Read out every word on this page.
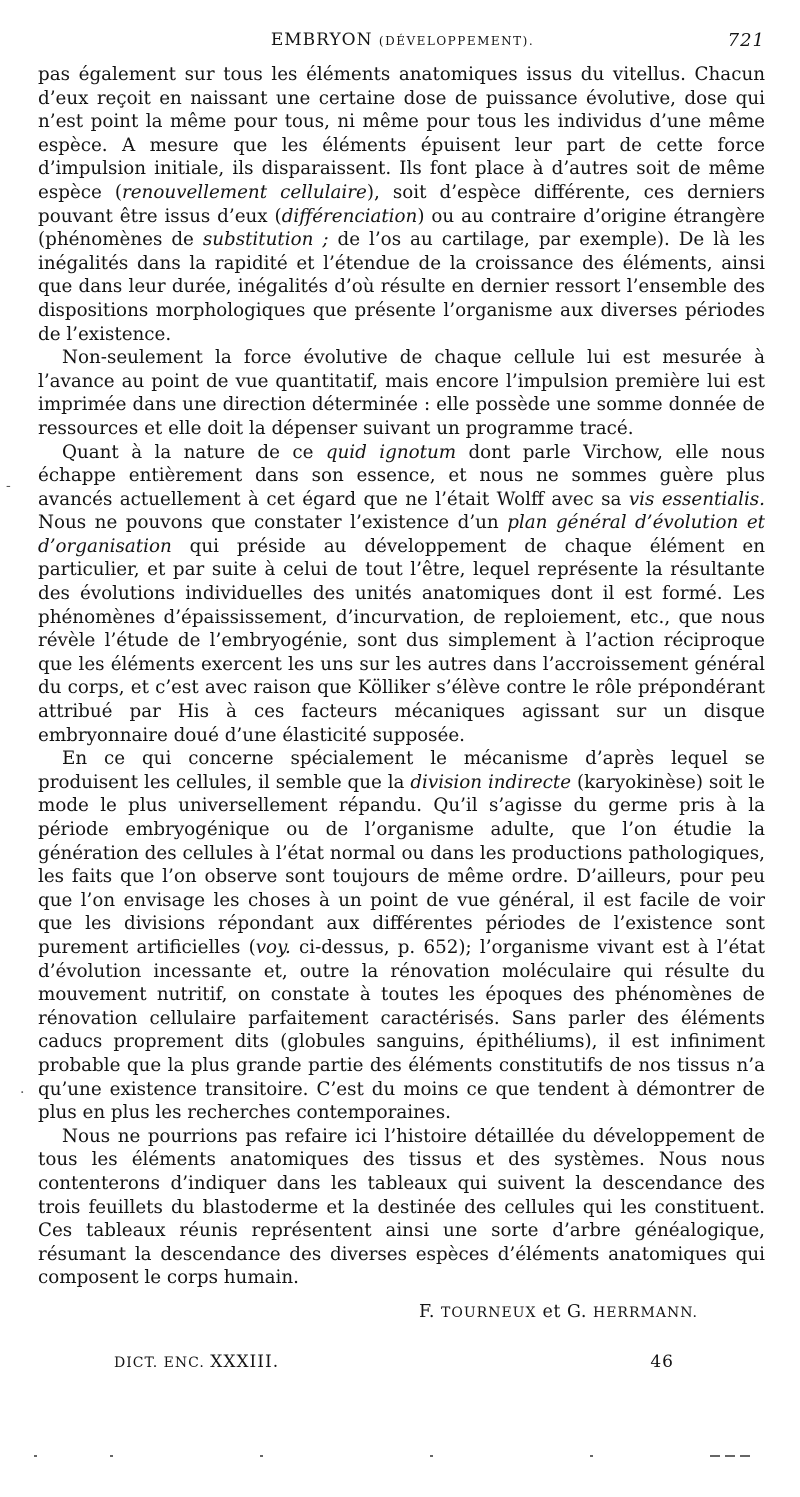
EMBRYON (DÉVELOPPEMENT).	721

pas également sur tous les éléments anatomiques issus du vitellus. Chacun d’eux reçoit en naissant une certaine dose de puissance évolutive, dose qui n’est point la même pour tous, ni même pour tous les individus d’une même espèce. A mesure que les éléments épuisent leur part de cette force d’impulsion initiale, ils disparaissent. Ils font place à d’autres soit de même espèce (renouvellement cellulaire), soit d’espèce différente, ces derniers pouvant être issus d’eux (différenciation) ou au contraire d’origine étrangère (phénomènes de substitution ; de l’os au cartilage, par exemple). De là les inégalités dans la rapidité et l’étendue de la croissance des éléments, ainsi que dans leur durée, inégalités d’où résulte en dernier ressort l’ensemble des dispositions morphologiques que présente l’organisme aux diverses périodes de l’existence.

Non-seulement la force évolutive de chaque cellule lui est mesurée à l’avance au point de vue quantitatif, mais encore l’impulsion première lui est imprimée dans une direction déterminée : elle possède une somme donnée de ressources et elle doit la dépenser suivant un programme tracé.

Quant à la nature de ce quid ignotum dont parle Virchow, elle nous échappe entièrement dans son essence, et nous ne sommes guère plus avancés actuellement à cet égard que ne l’était Wolff avec sa vis essentialis. Nous ne pouvons que constater l’existence d’un plan général d’évolution et d’organisation qui préside au développement de chaque élément en particulier, et par suite à celui de tout l’être, lequel représente la résultante des évolutions individuelles des unités anatomiques dont il est formé. Les phénomènes d’épaississement, d’incurvation, de reploiement, etc., que nous révèle l’étude de l’embryogénie, sont dus simplement à l’action réciproque que les éléments exercent les uns sur les autres dans l’accroissement général du corps, et c’est avec raison que Kölliker s’élève contre le rôle prépondérant attribué par His à ces facteurs mécaniques agissant sur un disque embryonnaire doué d’une élasticité supposée.

En ce qui concerne spécialement le mécanisme d’après lequel se produisent les cellules, il semble que la division indirecte (karyokinèse) soit le mode le plus universellement répandu. Qu’il s’agisse du germe pris à la période embryogénique ou de l’organisme adulte, que l’on étudie la génération des cellules à l’état normal ou dans les productions pathologiques, les faits que l’on observe sont toujours de même ordre. D’ailleurs, pour peu que l’on envisage les choses à un point de vue général, il est facile de voir que les divisions répondant aux différentes périodes de l’existence sont purement artificielles (voy. ci-dessus, p. 652); l’organisme vivant est à l’état d’évolution incessante et, outre la rénovation moléculaire qui résulte du mouvement nutritif, on constate à toutes les époques des phénomènes de rénovation cellulaire parfaitement caractérisés. Sans parler des éléments caducs proprement dits (globules sanguins, épithéliums), il est infiniment probable que la plus grande partie des éléments constitutifs de nos tissus n’a qu’une existence transitoire. C’est du moins ce que tendent à démontrer de plus en plus les recherches contemporaines.

Nous ne pourrions pas refaire ici l’histoire détaillée du développement de tous les éléments anatomiques des tissus et des systèmes. Nous nous contenterons d’indiquer dans les tableaux qui suivent la descendance des trois feuillets du blastoderme et la destinée des cellules qui les constituent. Ces tableaux réunis représentent ainsi une sorte d’arbre généalogique, résumant la descendance des diverses espèces d’éléments anatomiques qui composent le corps humain.

F. TOURNEUX et G. HERRMANN.
DICT. ENC. XXXIII.	46
-
·
